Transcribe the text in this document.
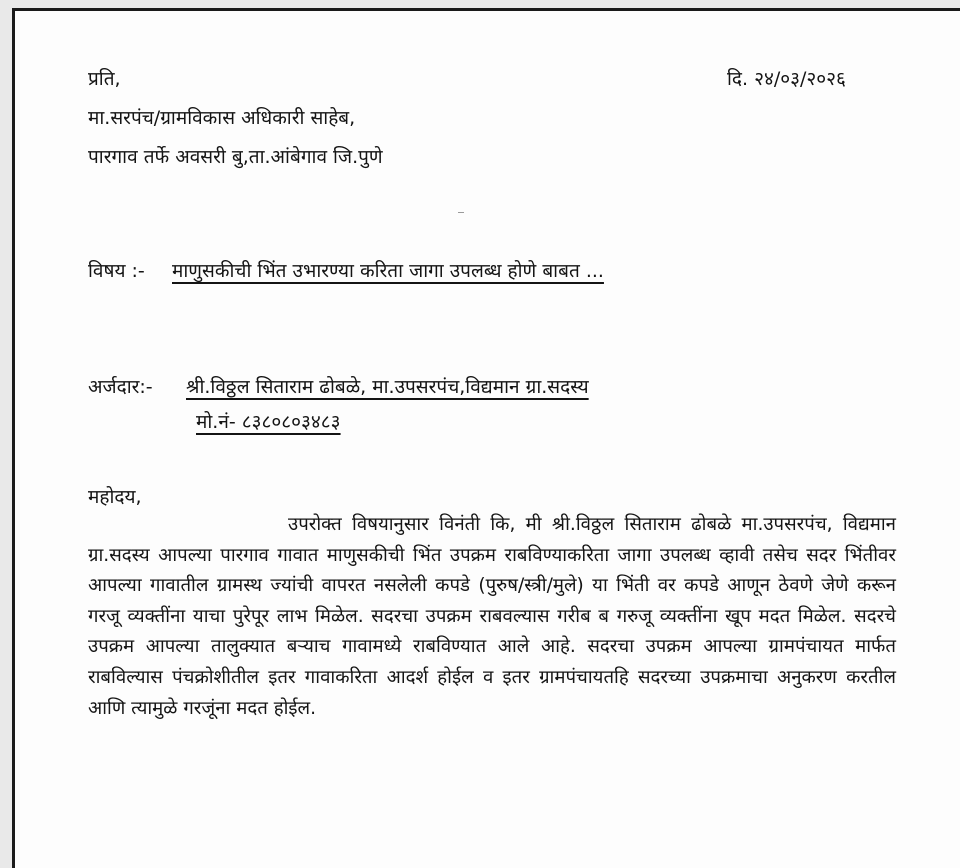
प्रति,	दि. २४/०३/२०२६
मा.सरपंच/ग्रामविकास अधिकारी साहेब,
पारगाव तर्फे अवसरी बु,ता.आंबेगाव जि.पुणे
विषय :- माणुसकीची भिंत उभारण्या करिता जागा उपलब्ध होणे बाबत ...
अर्जदार:- श्री.विठ्ठल सिताराम ढोबळे, मा.उपसरपंच,विद्यमान ग्रा.सदस्य
मो.नं- ८३८०८०३४८३
महोदय,
उपरोक्त विषयानुसार विनंती कि, मी श्री.विठ्ठल सिताराम ढोबळे मा.उपसरपंच, विद्यमान ग्रा.सदस्य आपल्या पारगाव गावात माणुसकीची भिंत उपक्रम राबविण्याकरिता जागा उपलब्ध व्हावी तसेच सदर भिंतीवर आपल्या गावातील ग्रामस्थ ज्यांची वापरत नसलेली कपडे (पुरुष/स्त्री/मुले) या भिंती वर कपडे आणून ठेवणे जेणे करून गरजू व्यक्तींना याचा पुरेपूर लाभ मिळेल. सदरचा उपक्रम राबवल्यास गरीब ब गरुजू व्यक्तींना खूप मदत मिळेल. सदरचे उपक्रम आपल्या तालुक्यात बऱ्याच गावामध्ये राबविण्यात आले आहे. सदरचा उपक्रम आपल्या ग्रामपंचायत मार्फत राबविल्यास पंचक्रोशीतील इतर गावाकरिता आदर्श होईल व इतर ग्रामपंचायतहि सदरच्या उपक्रमाचा अनुकरण करतील आणि त्यामुळे गरजूंना मदत होईल.
